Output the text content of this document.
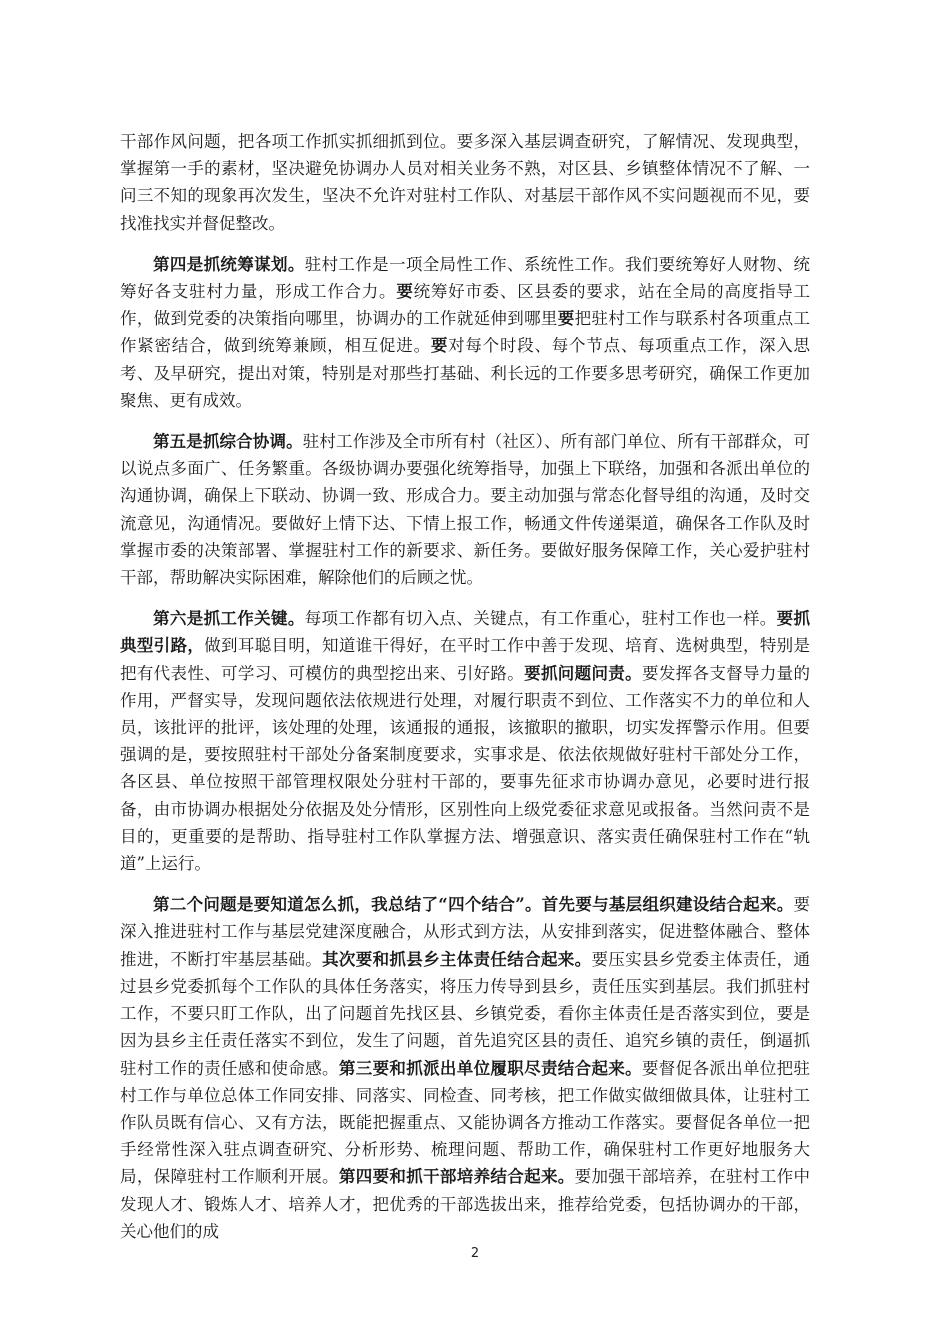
干部作风问题，把各项工作抓实抓细抓到位。要多深入基层调查研究，了解情况、发现典型，掌握第一手的素材，坚决避免协调办人员对相关业务不熟，对区县、乡镇整体情况不了解、一问三不知的现象再次发生，坚决不允许对驻村工作队、对基层干部作风不实问题视而不见，要找准找实并督促整改。

第四是抓统筹谋划。驻村工作是一项全局性工作、系统性工作。我们要统筹好人财物、统筹好各支驻村力量，形成工作合力。要统筹好市委、区县委的要求，站在全局的高度指导工作，做到党委的决策指向哪里，协调办的工作就延伸到哪里要把驻村工作与联系村各项重点工作紧密结合，做到统筹兼顾，相互促进。要对每个时段、每个节点、每项重点工作，深入思考、及早研究，提出对策，特别是对那些打基础、利长远的工作要多思考研究，确保工作更加聚焦、更有成效。

第五是抓综合协调。驻村工作涉及全市所有村（社区）、所有部门单位、所有干部群众，可以说点多面广、任务繁重。各级协调办要强化统筹指导，加强上下联络，加强和各派出单位的沟通协调，确保上下联动、协调一致、形成合力。要主动加强与常态化督导组的沟通，及时交流意见，沟通情况。要做好上情下达、下情上报工作，畅通文件传递渠道，确保各工作队及时掌握市委的决策部署、掌握驻村工作的新要求、新任务。要做好服务保障工作，关心爱护驻村干部，帮助解决实际困难，解除他们的后顾之忧。

第六是抓工作关键。每项工作都有切入点、关键点，有工作重心，驻村工作也一样。要抓典型引路，做到耳聪目明，知道谁干得好，在平时工作中善于发现、培育、选树典型，特别是把有代表性、可学习、可模仿的典型挖出来、引好路。要抓问题问责。要发挥各支督导力量的作用，严督实导，发现问题依法依规进行处理，对履行职责不到位、工作落实不力的单位和人员，该批评的批评，该处理的处理，该通报的通报，该撤职的撤职，切实发挥警示作用。但要强调的是，要按照驻村干部处分备案制度要求，实事求是、依法依规做好驻村干部处分工作，各区县、单位按照干部管理权限处分驻村干部的，要事先征求市协调办意见，必要时进行报备，由市协调办根据处分依据及处分情形，区别性向上级党委征求意见或报备。当然问责不是目的，更重要的是帮助、指导驻村工作队掌握方法、增强意识、落实责任确保驻村工作在“轨道”上运行。

第二个问题是要知道怎么抓，我总结了“四个结合”。首先要与基层组织建设结合起来。要深入推进驻村工作与基层党建深度融合，从形式到方法，从安排到落实，促进整体融合、整体推进，不断打牢基层基础。其次要和抓县乡主体责任结合起来。要压实县乡党委主体责任，通过县乡党委抓每个工作队的具体任务落实，将压力传导到县乡，责任压实到基层。我们抓驻村工作，不要只盯工作队，出了问题首先找区县、乡镇党委，看你主体责任是否落实到位，要是因为县乡主任责任落实不到位，发生了问题，首先追究区县的责任、追究乡镇的责任，倒逼抓驻村工作的责任感和使命感。第三要和抓派出单位履职尽责结合起来。要督促各派出单位把驻村工作与单位总体工作同安排、同落实、同检查、同考核，把工作做实做细做具体，让驻村工作队员既有信心、又有方法，既能把握重点、又能协调各方推动工作落实。要督促各单位一把手经常性深入驻点调查研究、分析形势、梳理问题、帮助工作，确保驻村工作更好地服务大局，保障驻村工作顺利开展。第四要和抓干部培养结合起来。要加强干部培养，在驻村工作中发现人才、锻炼人才、培养人才，把优秀的干部选拔出来，推荐给党委，包括协调办的干部，关心他们的成

2
